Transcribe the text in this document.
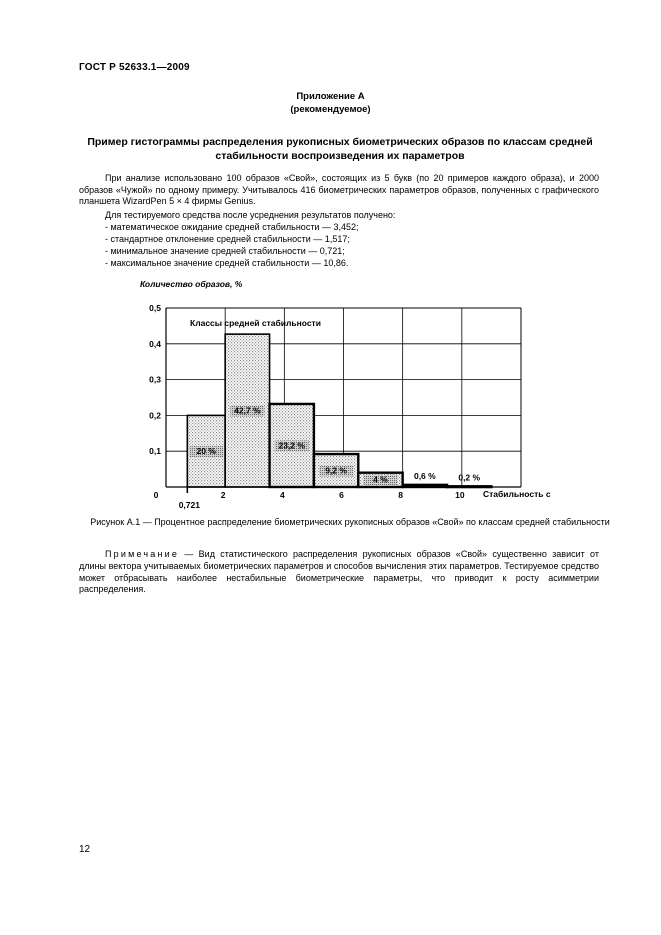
ГОСТ Р 52633.1—2009
Приложение А
(рекомендуемое)
Пример гистограммы распределения рукописных биометрических образов по классам средней стабильности воспроизведения их параметров
При анализе использовано 100 образов «Свой», состоящих из 5 букв (по 20 примеров каждого образа), и 2000 образов «Чужой» по одному примеру. Учитывалось 416 биометрических параметров образов, полученных с графического планшета WizardPen 5 × 4 фирмы Genius.
Для тестируемого средства после усреднения результатов получено:
- математическое ожидание средней стабильности — 3,452;
- стандартное отклонение средней стабильности — 1,517;
- минимальное значение средней стабильности — 0,721;
- максимальное значение средней стабильности — 10,86.
0,1
0,2
0,3
0,4
0,5
0	2	4	6	8	10
20 %
42,7 %
23,2 %
9,2 %
4 %	0,6 %	0,2 %
0,721
Количество образов, %
Стабильность с
Классы средней стабильности
Рисунок А.1 — Процентное распределение биометрических рукописных образов «Свой» по классам средней стабильности
Примечание — Вид статистического распределения рукописных образов «Свой» существенно зависит от длины вектора учитываемых биометрических параметров и способов вычисления этих параметров. Тестируемое средство может отбрасывать наиболее нестабильные биометрические параметры, что приводит к росту асимметрии распределения.
12
